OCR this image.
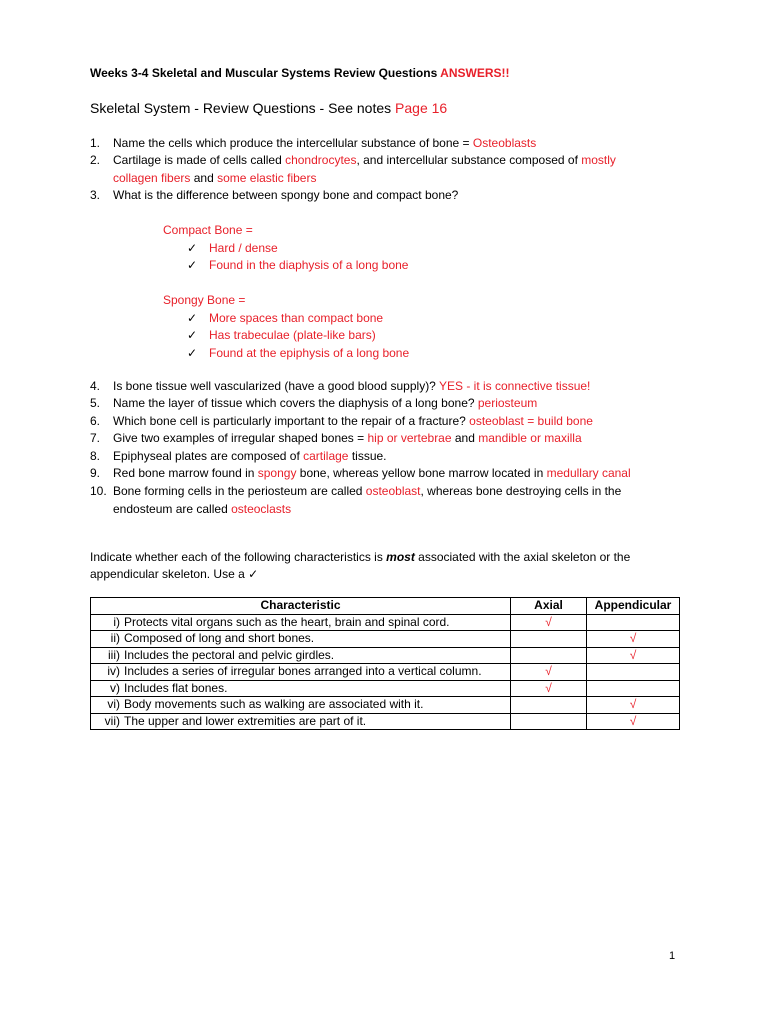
Weeks 3-4 Skeletal and Muscular Systems Review Questions ANSWERS!!
Skeletal System - Review Questions - See notes Page 16
1. Name the cells which produce the intercellular substance of bone = Osteoblasts
2. Cartilage is made of cells called chondrocytes, and intercellular substance composed of mostly
collagen fibers and some elastic fibers
3. What is the difference between spongy bone and compact bone?
Compact Bone =
✓ Hard / dense
✓ Found in the diaphysis of a long bone
Spongy Bone =
✓ More spaces than compact bone
✓ Has trabeculae (plate-like bars)
✓ Found at the epiphysis of a long bone
4. Is bone tissue well vascularized (have a good blood supply)? YES - it is connective tissue!
5. Name the layer of tissue which covers the diaphysis of a long bone? periosteum
6. Which bone cell is particularly important to the repair of a fracture? osteoblast = build bone
7. Give two examples of irregular shaped bones = hip or vertebrae and mandible or maxilla
8. Epiphyseal plates are composed of cartilage tissue.
9. Red bone marrow found in spongy bone, whereas yellow bone marrow located in medullary canal
10. Bone forming cells in the periosteum are called osteoblast, whereas bone destroying cells in the
endosteum are called osteoclasts
Indicate whether each of the following characteristics is most associated with the axial skeleton or the
appendicular skeleton. Use a ✓
Characteristic	Axial	Appendicular
i) Protects vital organs such as the heart, brain and spinal cord.	√	
ii) Composed of long and short bones.		√
iii) Includes the pectoral and pelvic girdles.		√
iv) Includes a series of irregular bones arranged into a vertical column.	√	
v) Includes flat bones.	√	
vi) Body movements such as walking are associated with it.		√
vii) The upper and lower extremities are part of it.		√
1
